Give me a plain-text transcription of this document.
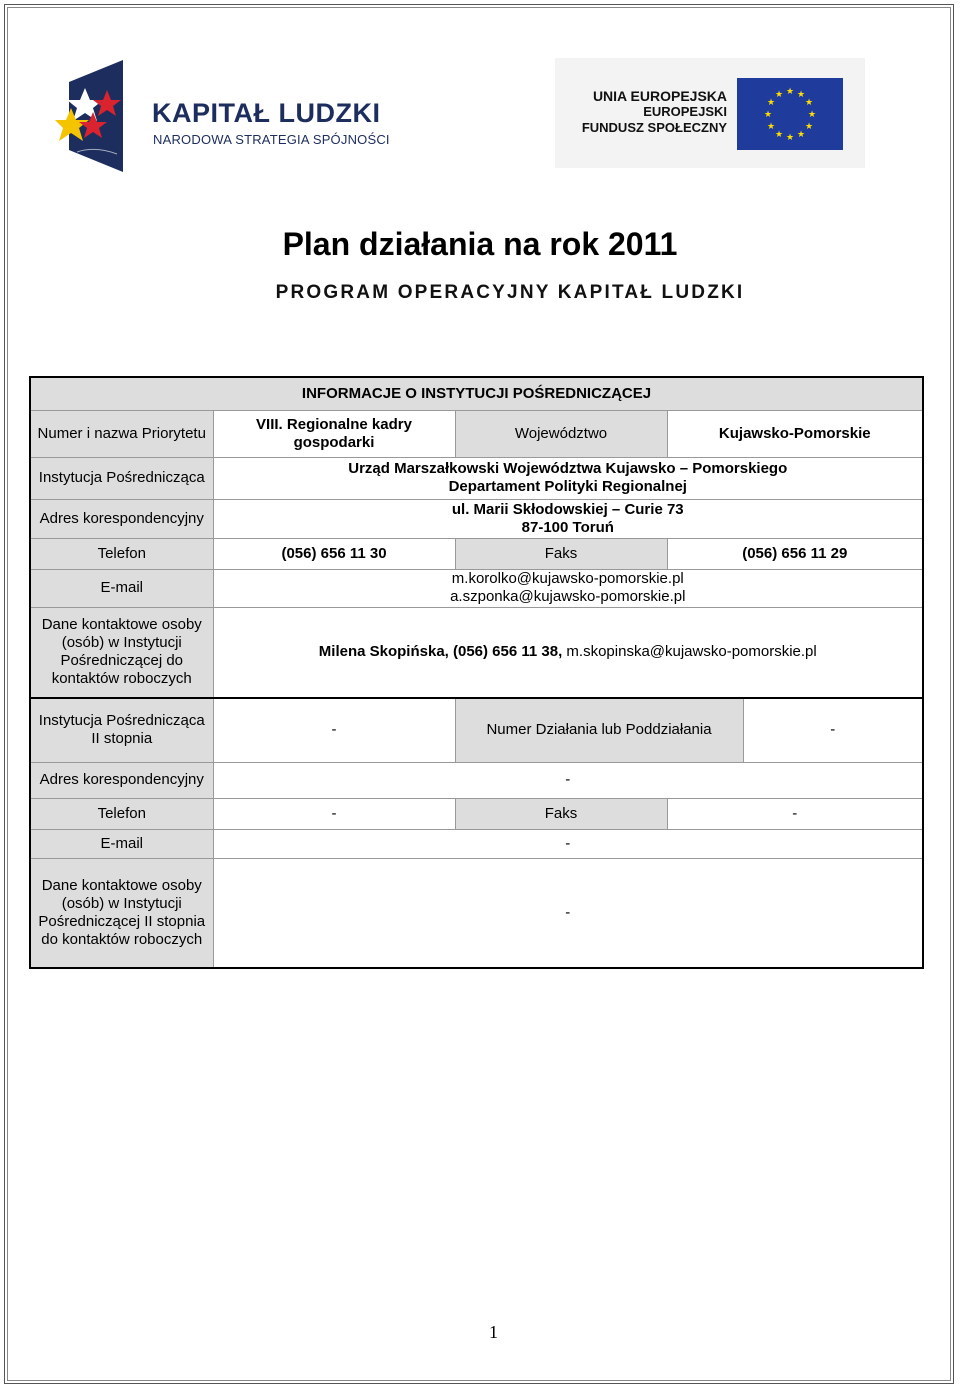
KAPITAŁ LUDZKI
NARODOWA STRATEGIA SPÓJNOŚCI
UNIA EUROPEJSKA
EUROPEJSKI
FUNDUSZ SPOŁECZNY
★ ★
★
★
★
★
★
★
★
★
★
★
Plan działania na rok 2011
PROGRAM OPERACYJNY KAPITAŁ LUDZKI
INFORMACJE O INSTYTUCJI POŚREDNICZĄCEJ				
Numer i nazwa Priorytetu	VIII. Regionalne kadry gospodarki	Województwo	Kujawsko-Pomorskie	
Instytucja Pośrednicząca	Urząd Marszałkowski Województwa Kujawsko – Pomorskiego
Departament Polityki Regionalnej			
Adres korespondencyjny	ul. Marii Skłodowskiej – Curie 73
87-100 Toruń			
Telefon	(056) 656 11 30	Faks	(056) 656 11 29	
E-mail	m.korolko@kujawsko-pomorskie.pl
a.szponka@kujawsko-pomorskie.pl			
Dane kontaktowe osoby (osób) w Instytucji Pośredniczącej do kontaktów roboczych	Milena Skopińska, (056) 656 11 38, m.skopinska@kujawsko-pomorskie.pl			
Instytucja Pośrednicząca II stopnia	-	Numer Działania lub Poddziałania		-
Adres korespondencyjny	-			
Telefon	-	Faks	-	
E-mail	-			
Dane kontaktowe osoby (osób) w Instytucji Pośredniczącej II stopnia do kontaktów roboczych	-			
1
